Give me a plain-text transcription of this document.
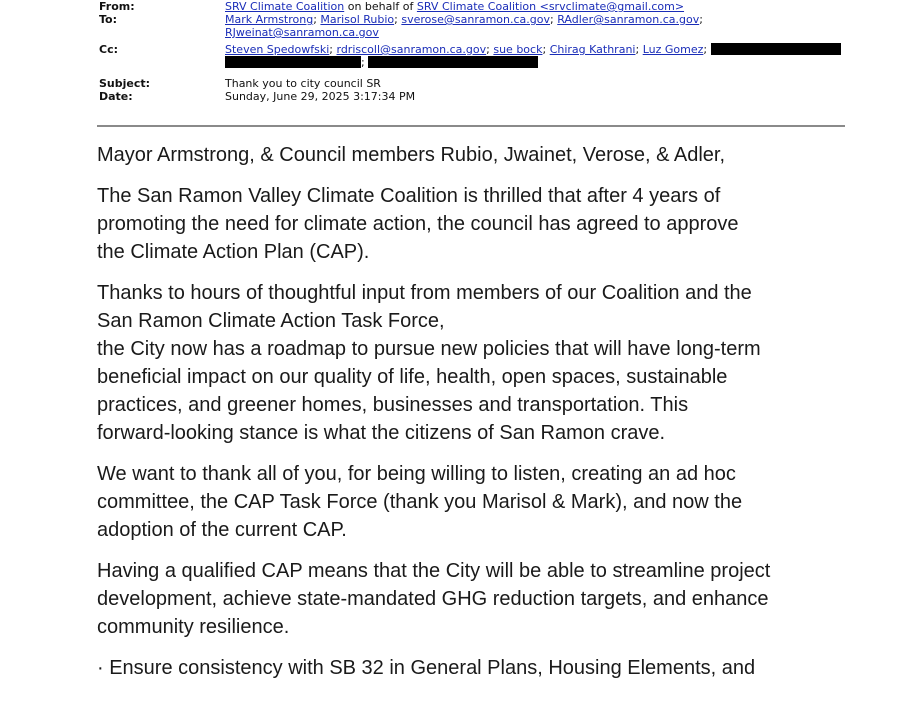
From:	SRV Climate Coalition on behalf of SRV Climate Coalition <srvclimate@gmail.com>
To:	Mark Armstrong; Marisol Rubio; sverose@sanramon.ca.gov; RAdler@sanramon.ca.gov;
RJweinat@sanramon.ca.gov
Cc:	Steven Spedowfski; rdriscoll@sanramon.ca.gov; sue bock; Chirag Kathrani; Luz Gomez;
;
Subject:	Thank you to city council SR
Date:	Sunday, June 29, 2025 3:17:34 PM

Mayor Armstrong, & Council members Rubio, Jwainet, Verose, & Adler,

The San Ramon Valley Climate Coalition is thrilled that after 4 years of

promoting the need for climate action, the council has agreed to approve

the Climate Action Plan (CAP).

Thanks to hours of thoughtful input from members of our Coalition and the

San Ramon Climate Action Task Force,

the City now has a roadmap to pursue new policies that will have long-term

beneficial impact on our quality of life, health, open spaces, sustainable

practices, and greener homes, businesses and transportation. This

forward-looking stance is what the citizens of San Ramon crave.

We want to thank all of you, for being willing to listen, creating an ad hoc

committee, the CAP Task Force (thank you Marisol & Mark), and now the

adoption of the current CAP.

Having a qualified CAP means that the City will be able to streamline project

development, achieve state-mandated GHG reduction targets, and enhance

community resilience.

· Ensure consistency with SB 32 in General Plans, Housing Elements, and
